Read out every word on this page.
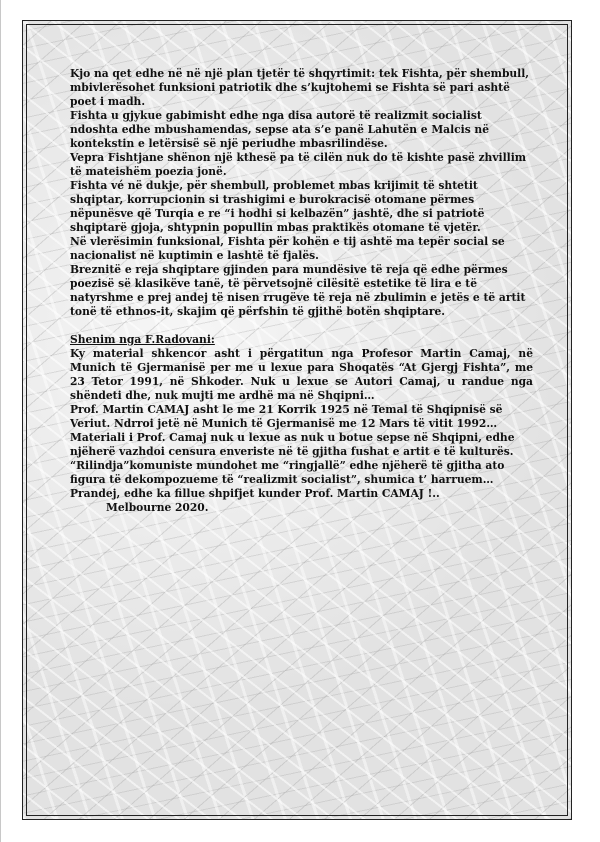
Kjo na qet edhe në në një plan tjetër të shqyrtimit: tek Fishta, për shembull, mbivlerësohet funksioni patriotik dhe s’kujtohemi se Fishta së pari ashtë poet i madh.

Fishta u gjykue gabimisht edhe nga disa autorë të realizmit socialist ndoshta edhe mbushamendas, sepse ata s’e panë Lahutën e Malcis në kontekstin e letërsisë së një periudhe mbasrilindëse.

Vepra Fishtjane shënon një kthesë pa të cilën nuk do të kishte pasë zhvillim të mateishëm poezia jonë.

Fishta vé në dukje, për shembull, problemet mbas krijimit të shtetit shqiptar, korrupcionin si trashigimi e burokracisë otomane përmes nëpunësve që Turqia e re “i hodhi si kelbazën” jashtë, dhe si patriotë shqiptarë gjoja, shtypnin popullin mbas praktikës otomane të vjetër.

Në vlerësimin funksional, Fishta për kohën e tij ashtë ma tepër social se nacionalist në kuptimin e lashtë të fjalës.

Breznitë e reja shqiptare gjinden para mundësive të reja që edhe përmes poezisë së klasikëve tanë, të përvetsojnë cilësitë estetike të lira e të natyrshme e prej andej të nisen rrugëve të reja në zbulimin e jetës e të artit tonë të ethnos-it, skajim që përfshin të gjithë botën shqiptare.

Shenim nga F.Radovani:

Ky material shkencor asht i përgatitun nga Profesor Martin Camaj, në Munich të Gjermanisë per me u lexue para Shoqatës “At Gjergj Fishta”, me 23 Tetor 1991, në Shkoder. Nuk u lexue se Autori Camaj, u randue nga shëndeti dhe, nuk mujti me ardhë ma në Shqipni…

Prof. Martin CAMAJ asht le me 21 Korrik 1925 në Temal të Shqipnisë së Veriut. Ndrroi jetë në Munich të Gjermanisë me 12 Mars të vitit 1992…

Materiali i Prof. Camaj nuk u lexue as nuk u botue sepse në Shqipni, edhe njëherë vazhdoi censura enveriste në të gjitha fushat e artit e të kulturës.

“Rilindja”komuniste mundohet me “ringjallë” edhe njëherë të gjitha ato figura të dekompozueme të “realizmit socialist”, shumica t’ harruem…

Prandej, edhe ka fillue shpifjet kunder Prof. Martin CAMAJ !..

Melbourne 2020.
